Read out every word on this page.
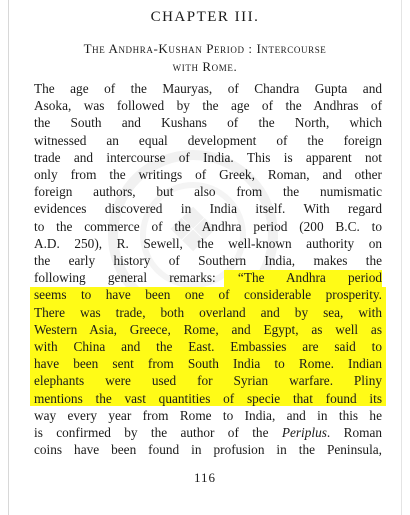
❖
CHAPTER III.
The Andhra-Kushan Period : Intercourse
with Rome.
The age of the Mauryas, of Chandra Gupta and
Asoka, was followed by the age of the Andhras of
the South and Kushans of the North, which
witnessed an equal development of the foreign
trade and intercourse of India. This is apparent not
only from the writings of Greek, Roman, and other
foreign authors, but also from the numismatic
evidences discovered in India itself. With regard
to the commerce of the Andhra period (200 B.C. to
A.D. 250), R. Sewell, the well-known authority on
the early history of Southern India, makes the
following general remarks: “The Andhra period
seems to have been one of considerable prosperity.
There was trade, both overland and by sea, with
Western Asia, Greece, Rome, and Egypt, as well as
with China and the East. Embassies are said to
have been sent from South India to Rome. Indian
elephants were used for Syrian warfare. Pliny
mentions the vast quantities of specie that found its
way every year from Rome to India, and in this he
is confirmed by the author of the Periplus. Roman
coins have been found in profusion in the Peninsula,
116
